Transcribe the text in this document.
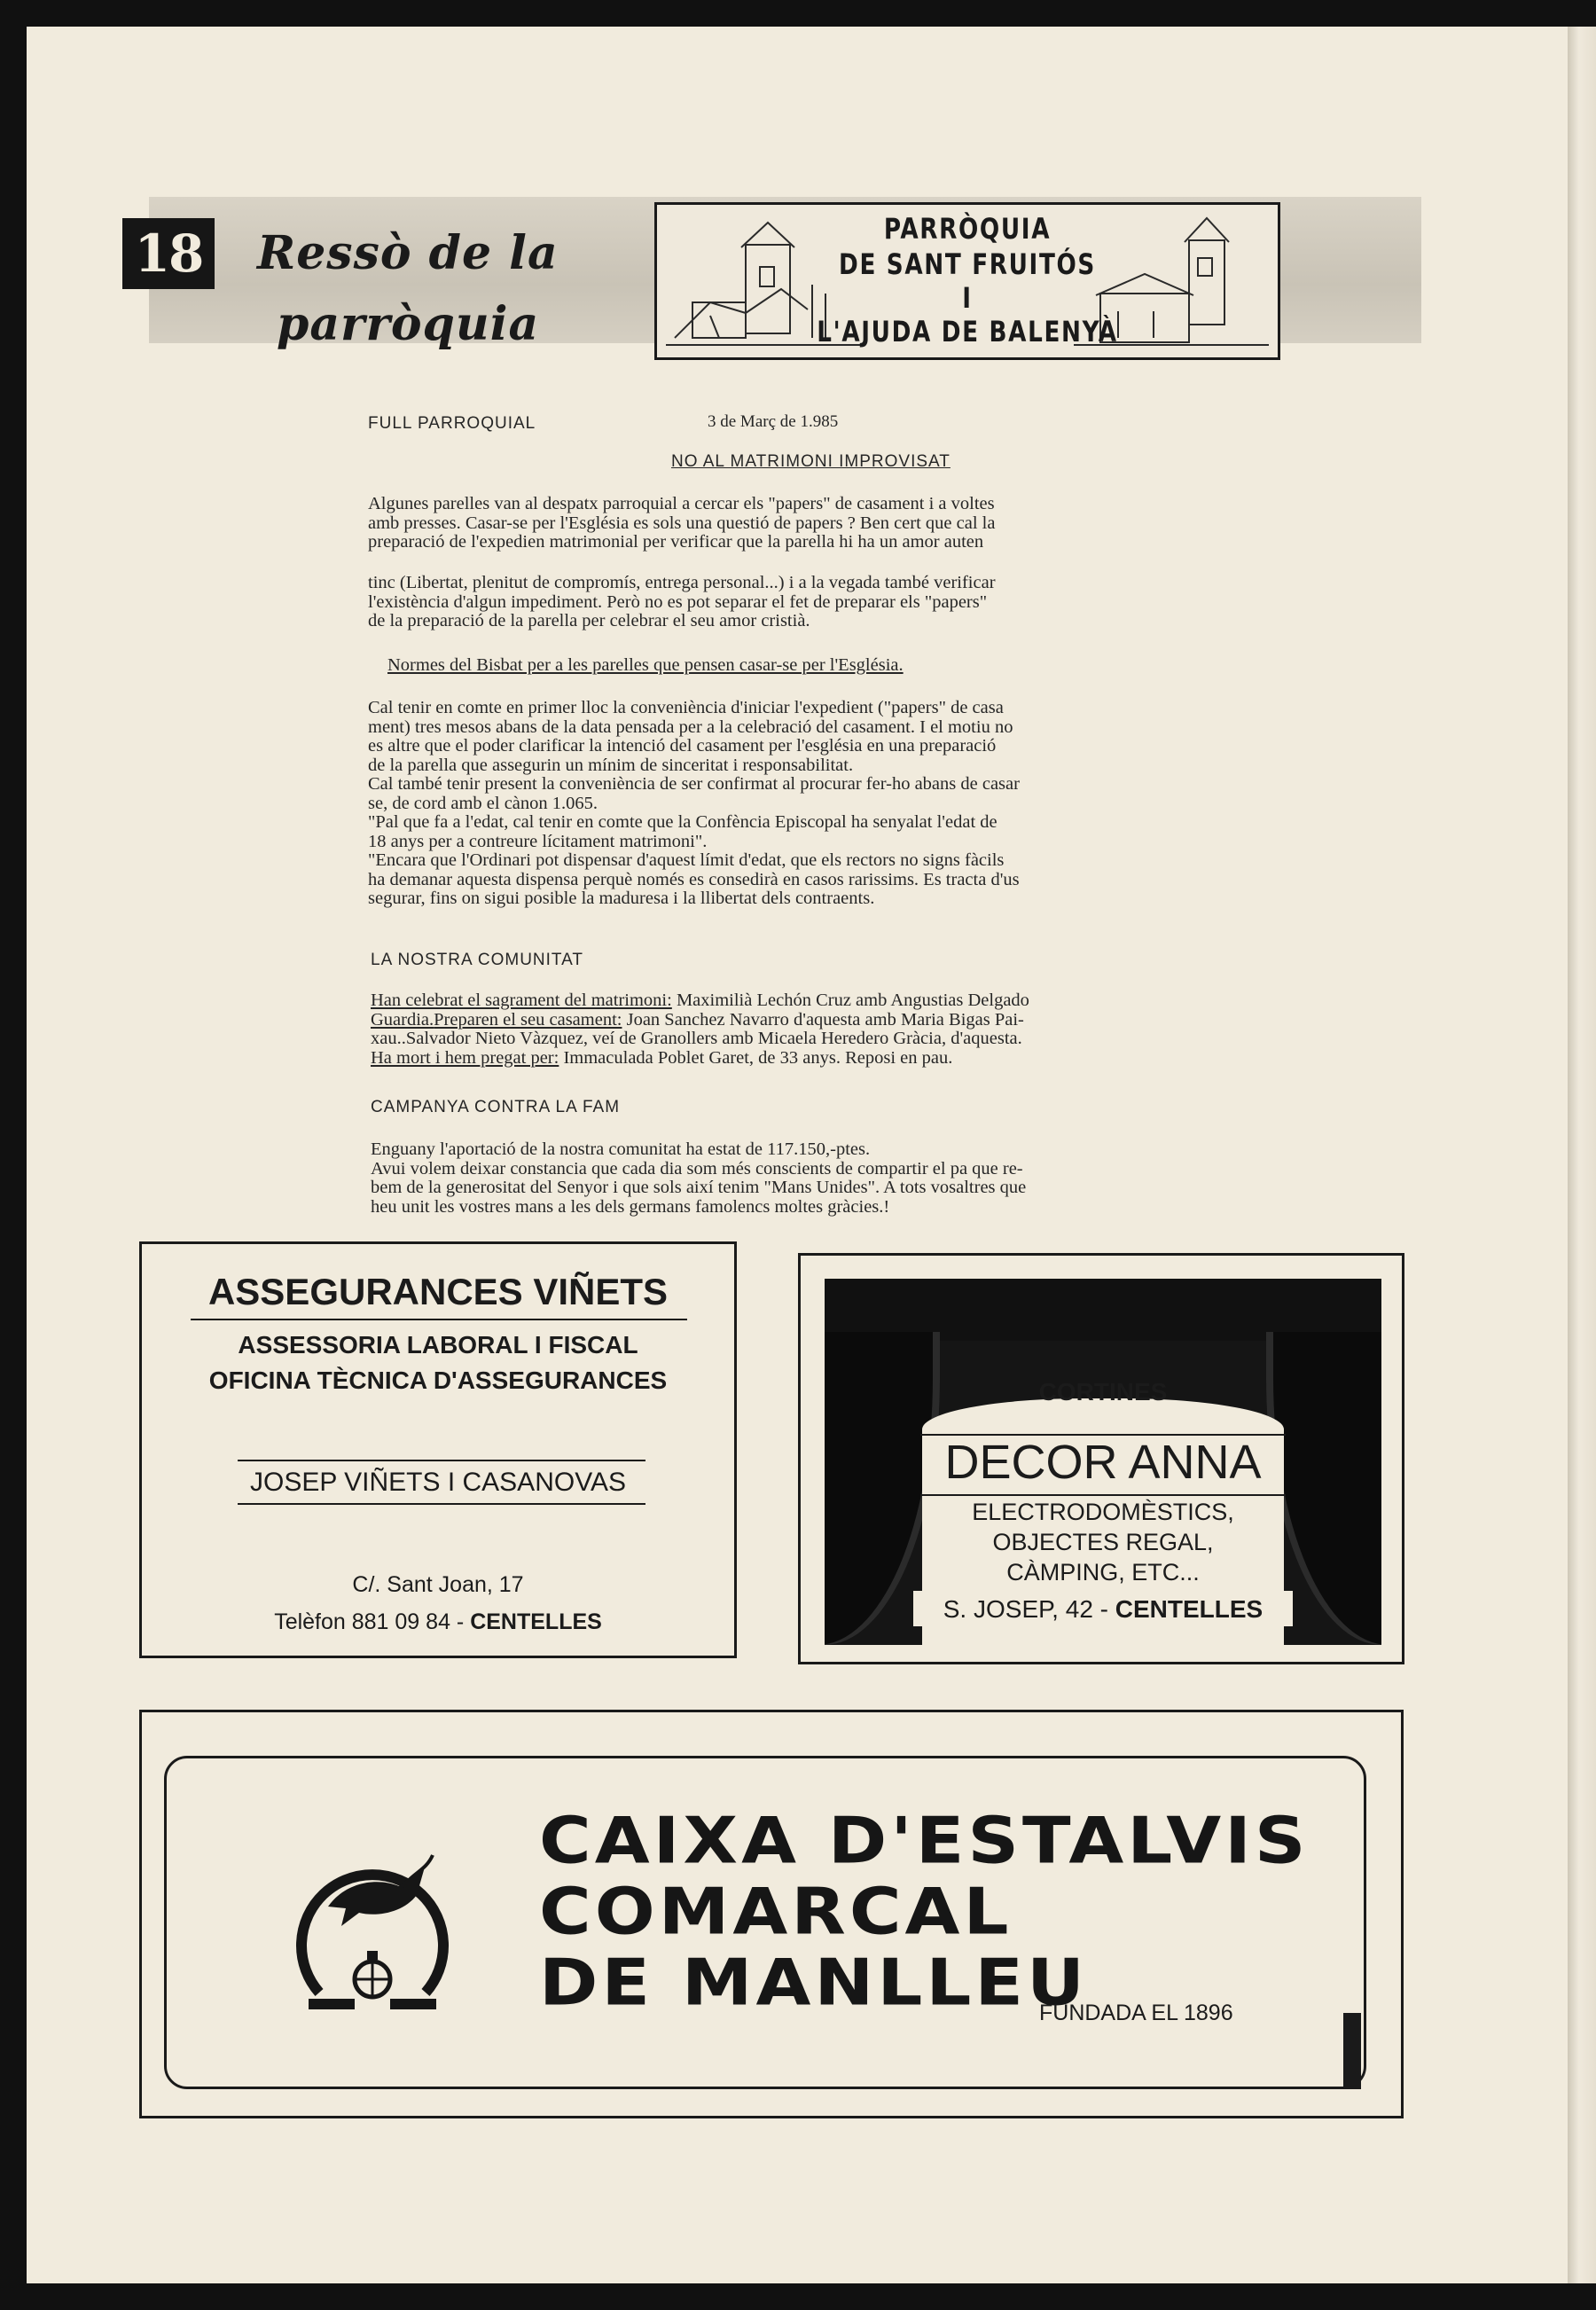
18 Ressò de la
parròquia
PARRÒQUIA
DE SANT FRUITÓS
I
L'AJUDA DE BALENYÀ
FULL PARROQUIAL	3 de Març de 1.985
NO AL MATRIMONI IMPROVISAT
Algunes parelles van al despatx parroquial a cercar els "papers" de casament i a voltes
amb presses. Casar-se per l'Església es sols una questió de papers ? Ben cert que cal la
preparació de l'expedien matrimonial per verificar que la parella hi ha un amor auten
tinc (Libertat, plenitut de compromís, entrega personal...) i a la vegada també verificar
l'existència d'algun impediment. Però no es pot separar el fet de preparar els "papers"
de la preparació de la parella per celebrar el seu amor cristià.
Normes del Bisbat per a les parelles que pensen casar-se per l'Església.
Cal tenir en comte en primer lloc la conveniència d'iniciar l'expedient ("papers" de casa
ment) tres mesos abans de la data pensada per a la celebració del casament. I el motiu no
es altre que el poder clarificar la intenció del casament per l'església en una preparació
de la parella que assegurin un mínim de sinceritat i responsabilitat.
Cal també tenir present la conveniència de ser confirmat al procurar fer-ho abans de casar
se, de cord amb el cànon 1.065.
"Pal que fa a l'edat, cal tenir en comte que la Confència Episcopal ha senyalat l'edat de
18 anys per a contreure lícitament matrimoni".
"Encara que l'Ordinari pot dispensar d'aquest límit d'edat, que els rectors no signs fàcils
ha demanar aquesta dispensa perquè només es consedirà en casos rarissims. Es tracta d'us
segurar, fins on sigui posible la maduresa i la llibertat dels contraents.
LA NOSTRA COMUNITAT
Han celebrat el sagrament del matrimoni: Maximilià Lechón Cruz amb Angustias Delgado
Guardia.Preparen el seu casament: Joan Sanchez Navarro d'aquesta amb Maria Bigas Pai-
xau..Salvador Nieto Vàzquez, veí de Granollers amb Micaela Heredero Gràcia, d'aquesta.
Ha mort i hem pregat per: Immaculada Poblet Garet, de 33 anys. Reposi en pau.
CAMPANYA CONTRA LA FAM
Enguany l'aportació de la nostra comunitat ha estat de 117.150,-ptes.
Avui volem deixar constancia que cada dia som més conscients de compartir el pa que re-
bem de la generositat del Senyor i que sols així tenim "Mans Unides". A tots vosaltres que
heu unit les vostres mans a les dels germans famolencs moltes gràcies.!
ASSEGURANCES VIÑETS
ASSESSORIA LABORAL I FISCAL
OFICINA TÈCNICA D'ASSEGURANCES
JOSEP VIÑETS I CASANOVAS
C/. Sant Joan, 17
Telèfon 881 09 84 - CENTELLES
CORTINES
DECOR ANNA
ELECTRODOMÈSTICS,
OBJECTES REGAL,
CÀMPING, ETC...
S. JOSEP, 42 - CENTELLES
CAIXA D'ESTALVIS
COMARCAL
DE MANLLEU
FUNDADA EL 1896
